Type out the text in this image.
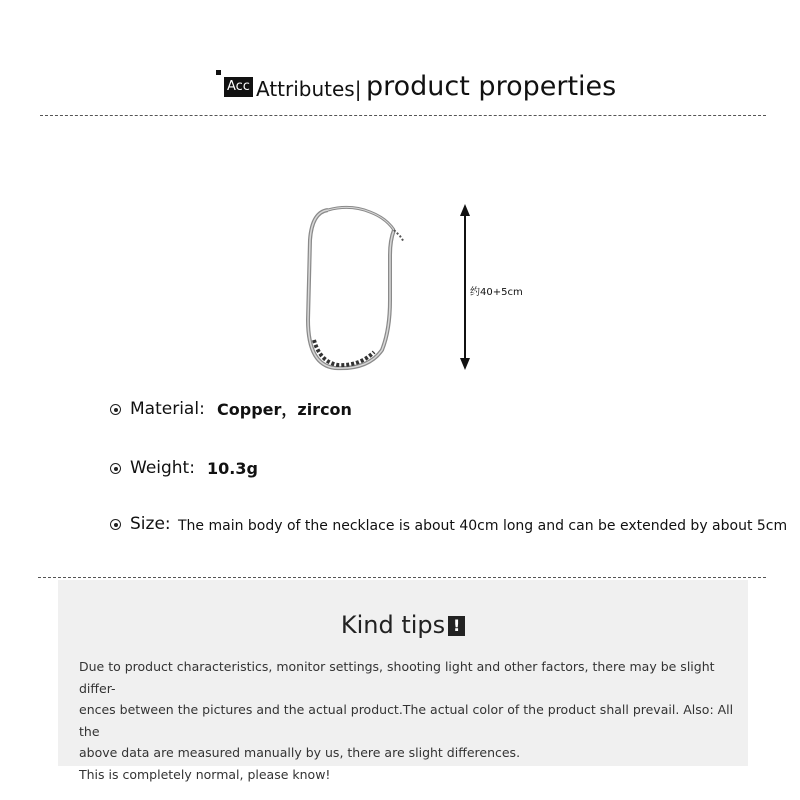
Acc Attributes| product properties
约40+5cm
Material: Copper，zircon
Weight: 10.3g
Size: The main body of the necklace is about 40cm long and can be extended by about 5cm
Kind tips !
Due to product characteristics, monitor settings, shooting light and other factors, there may be slight differ-
ences between the pictures and the actual product.The actual color of the product shall prevail. Also: All the
above data are measured manually by us, there are slight differences.
This is completely normal, please know!
